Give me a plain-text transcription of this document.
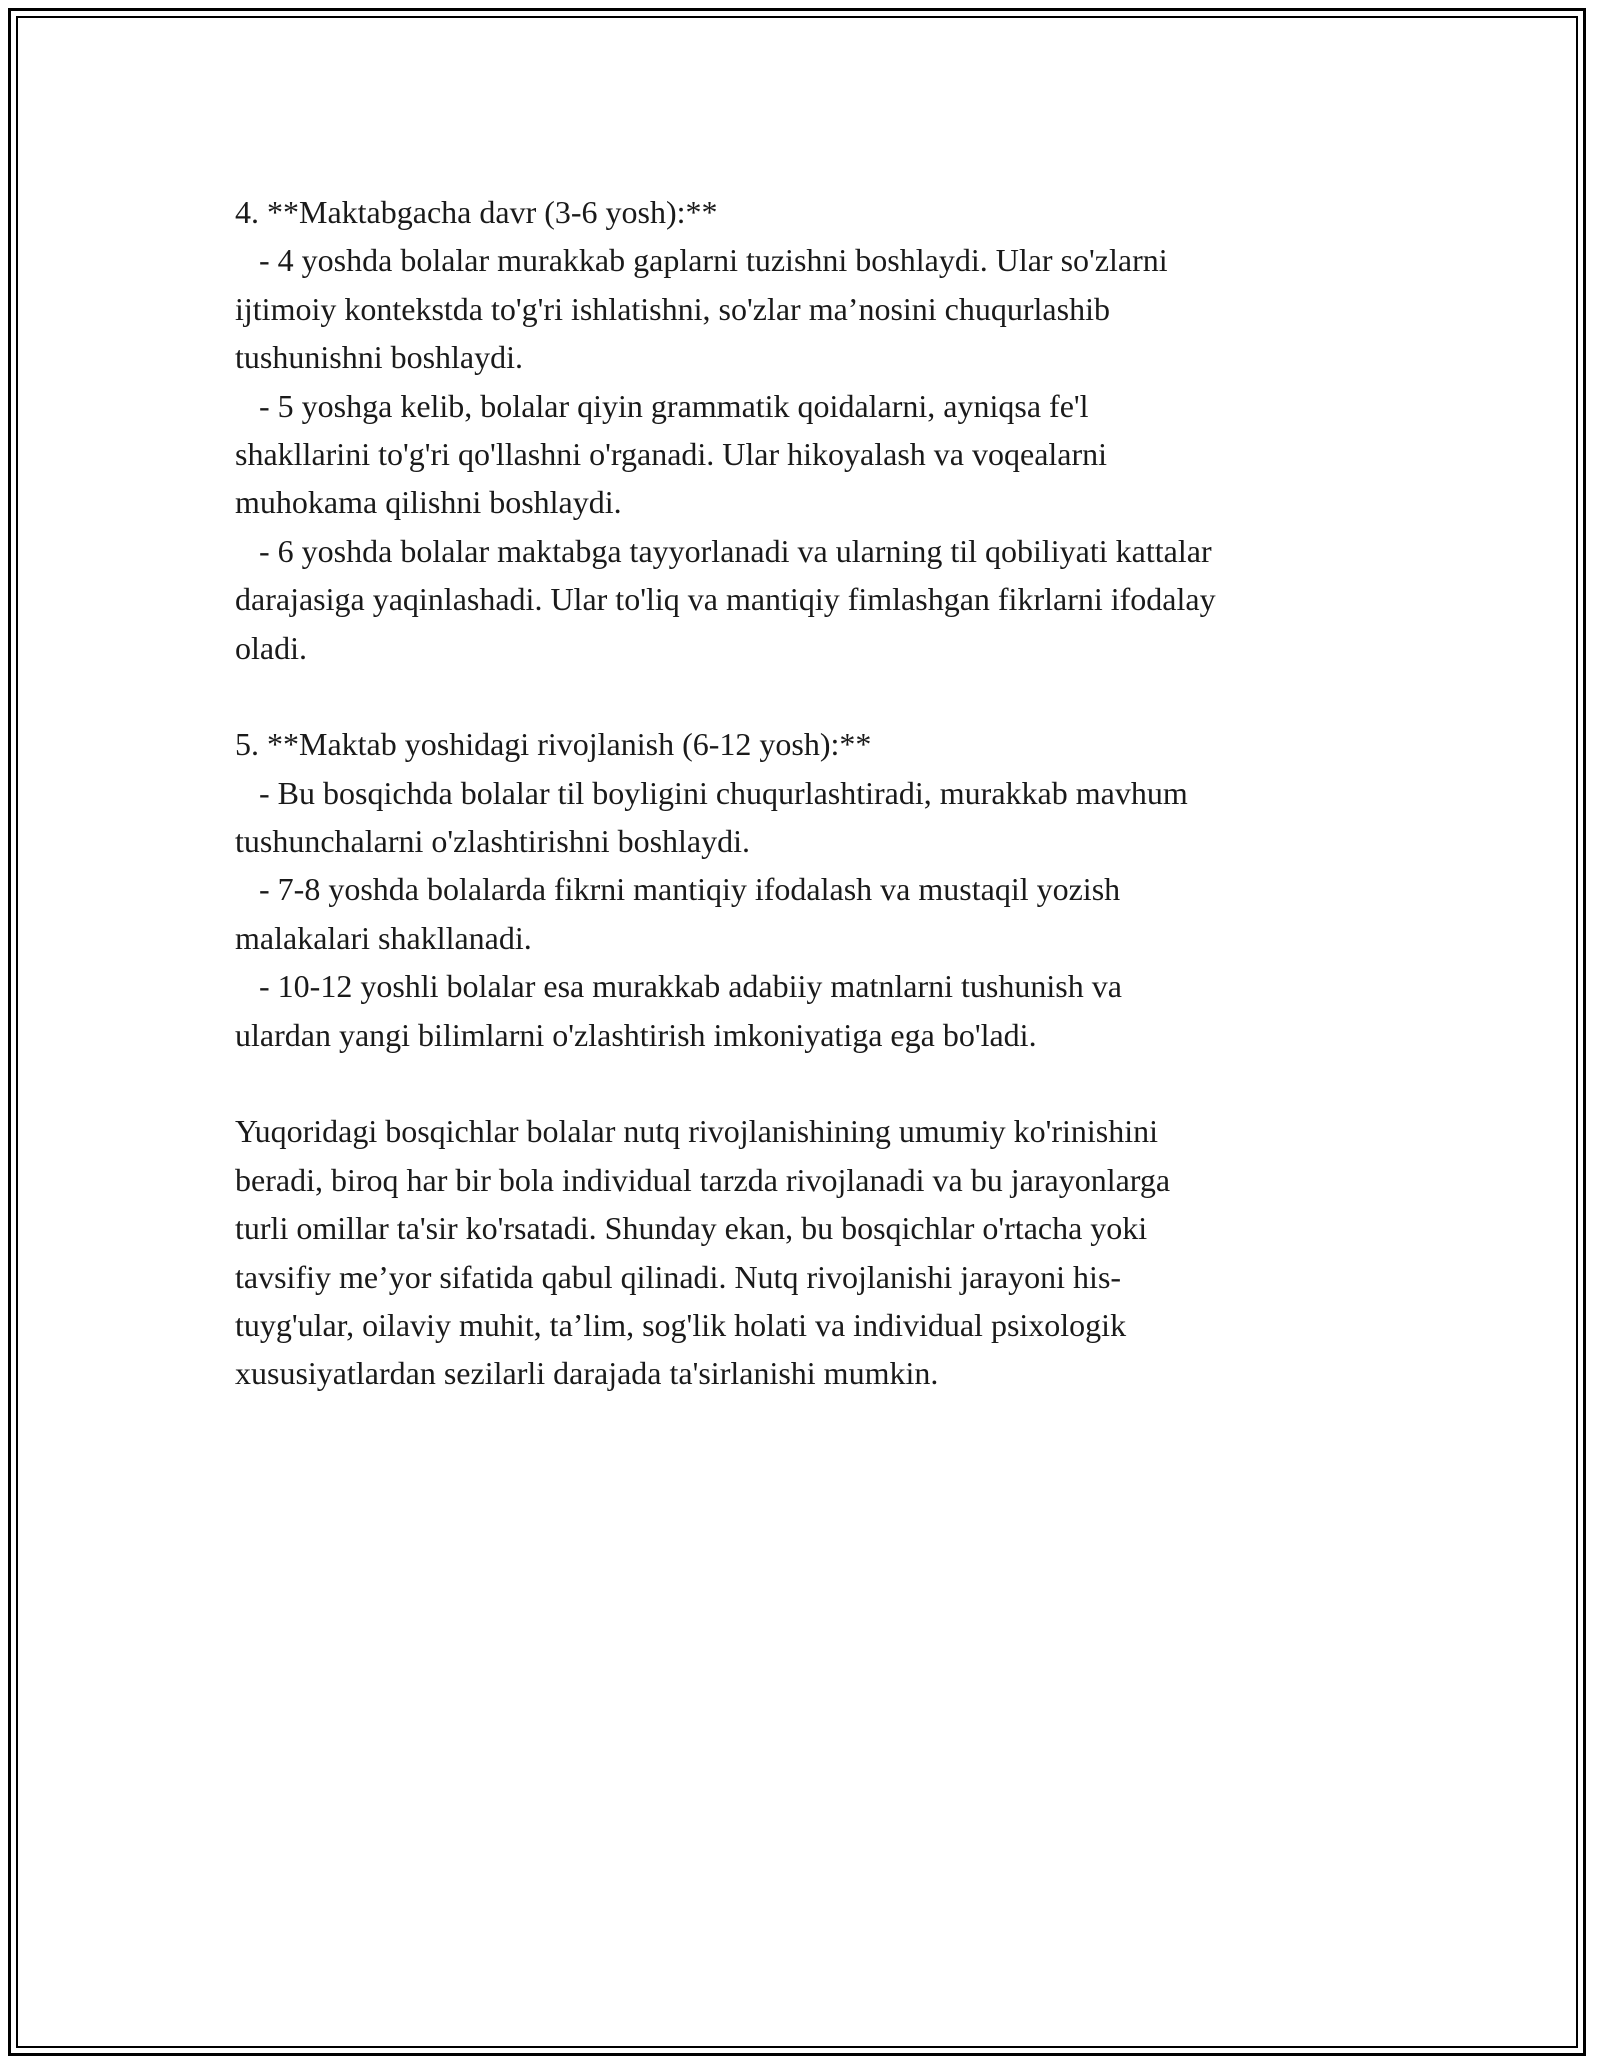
4. **Maktabgacha davr (3-6 yosh):**
- 4 yoshda bolalar murakkab gaplarni tuzishni boshlaydi. Ular so'zlarni
ijtimoiy kontekstda to'g'ri ishlatishni, so'zlar ma’nosini chuqurlashib
tushunishni boshlaydi.
- 5 yoshga kelib, bolalar qiyin grammatik qoidalarni, ayniqsa fe'l
shakllarini to'g'ri qo'llashni o'rganadi. Ular hikoyalash va voqealarni
muhokama qilishni boshlaydi.
- 6 yoshda bolalar maktabga tayyorlanadi va ularning til qobiliyati kattalar
darajasiga yaqinlashadi. Ular to'liq va mantiqiy fimlashgan fikrlarni ifodalay
oladi.
5. **Maktab yoshidagi rivojlanish (6-12 yosh):**
- Bu bosqichda bolalar til boyligini chuqurlashtiradi, murakkab mavhum
tushunchalarni o'zlashtirishni boshlaydi.
- 7-8 yoshda bolalarda fikrni mantiqiy ifodalash va mustaqil yozish
malakalari shakllanadi.
- 10-12 yoshli bolalar esa murakkab adabiiy matnlarni tushunish va
ulardan yangi bilimlarni o'zlashtirish imkoniyatiga ega bo'ladi.
Yuqoridagi bosqichlar bolalar nutq rivojlanishining umumiy ko'rinishini
beradi, biroq har bir bola individual tarzda rivojlanadi va bu jarayonlarga
turli omillar ta'sir ko'rsatadi. Shunday ekan, bu bosqichlar o'rtacha yoki
tavsifiy me’yor sifatida qabul qilinadi. Nutq rivojlanishi jarayoni his-
tuyg'ular, oilaviy muhit, ta’lim, sog'lik holati va individual psixologik
xususiyatlardan sezilarli darajada ta'sirlanishi mumkin.
